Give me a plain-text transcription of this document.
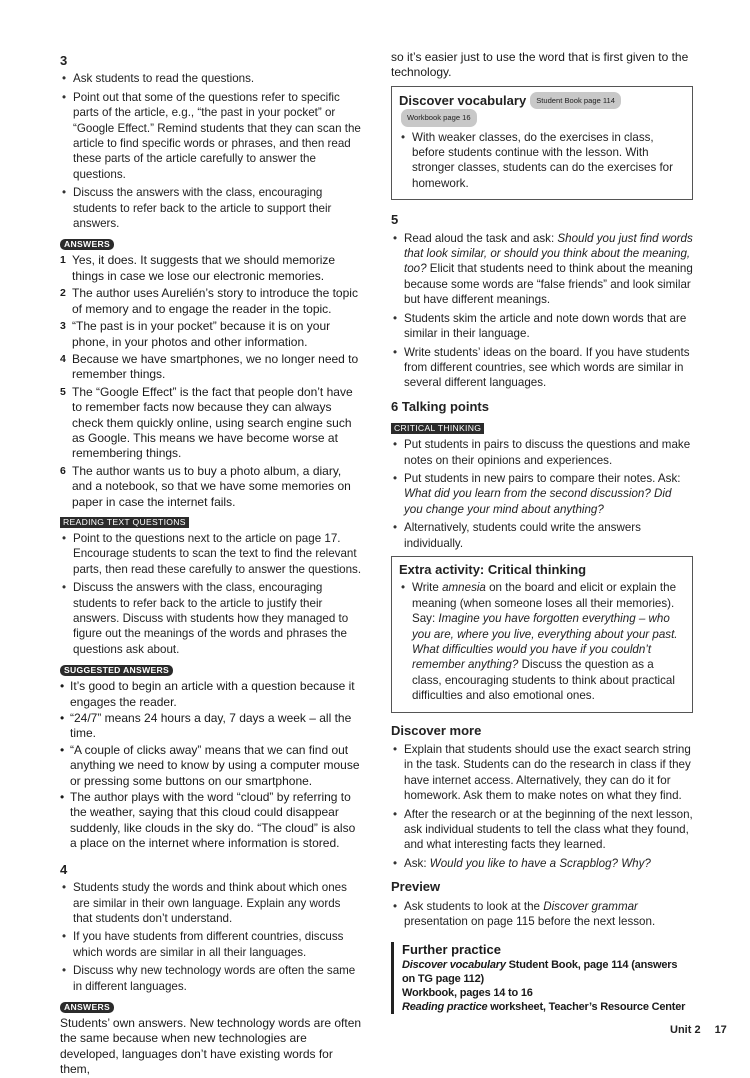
3
• Ask students to read the questions.
• Point out that some of the questions refer to specific parts of the article, e.g., “the past in your pocket” or “Google Effect.” Remind students that they can scan the article to find specific words or phrases, and then read these parts of the article carefully to answer the questions.
• Discuss the answers with the class, encouraging students to refer back to the article to support their answers.
ANSWERS
1 Yes, it does. It suggests that we should memorize things in case we lose our electronic memories.
2 The author uses Aurelién’s story to introduce the topic of memory and to engage the reader in the topic.
3 “The past is in your pocket” because it is on your phone, in your photos and other information.
4 Because we have smartphones, we no longer need to remember things.
5 The “Google Effect” is the fact that people don’t have to remember facts now because they can always check them quickly online, using search engine such as Google. This means we have become worse at remembering things.
6 The author wants us to buy a photo album, a diary, and a notebook, so that we have some memories on paper in case the internet fails.
READING TEXT QUESTIONS
• Point to the questions next to the article on page 17. Encourage students to scan the text to find the relevant parts, then read these carefully to answer the questions.
• Discuss the answers with the class, encouraging students to refer back to the article to justify their answers. Discuss with students how they managed to figure out the meanings of the words and phrases the questions ask about.
SUGGESTED ANSWERS
• It’s good to begin an article with a question because it engages the reader.
• “24/7” means 24 hours a day, 7 days a week – all the time.
• “A couple of clicks away” means that we can find out anything we need to know by using a computer mouse or pressing some buttons on our smartphone.
• The author plays with the word “cloud” by referring to the weather, saying that this cloud could disappear suddenly, like clouds in the sky do. “The cloud” is also a place on the internet where information is stored.
4
• Students study the words and think about which ones are similar in their own language. Explain any words that students don’t understand.
• If you have students from different countries, discuss which words are similar in all their languages.
• Discuss why new technology words are often the same in different languages.
ANSWERS
Students’ own answers. New technology words are often the same because when new technologies are developed, languages don’t have existing words for them,
so it’s easier just to use the word that is first given to the technology.
Discover vocabulary Student Book page 114Workbook page 16
• With weaker classes, do the exercises in class, before students continue with the lesson. With stronger classes, students can do the exercises for homework.
5
• Read aloud the task and ask: Should you just find words that look similar, or should you think about the meaning, too? Elicit that students need to think about the meaning because some words are “false friends” and look similar but have different meanings.
• Students skim the article and note down words that are similar in their language.
• Write students’ ideas on the board. If you have students from different countries, see which words are similar in several different languages.
6 Talking points
CRITICAL THINKING
• Put students in pairs to discuss the questions and make notes on their opinions and experiences.
• Put students in new pairs to compare their notes. Ask: What did you learn from the second discussion? Did you change your mind about anything?
• Alternatively, students could write the answers individually.
Extra activity: Critical thinking
• Write amnesia on the board and elicit or explain the meaning (when someone loses all their memories). Say: Imagine you have forgotten everything – who you are, where you live, everything about your past. What difficulties would you have if you couldn’t remember anything? Discuss the question as a class, encouraging students to think about practical difficulties and also emotional ones.
Discover more
• Explain that students should use the exact search string in the task. Students can do the research in class if they have internet access. Alternatively, they can do it for homework. Ask them to make notes on what they find.
• After the research or at the beginning of the next lesson, ask individual students to tell the class what they found, and what interesting facts they learned.
• Ask: Would you like to have a Scrapblog? Why?
Preview
• Ask students to look at the Discover grammar presentation on page 115 before the next lesson.
Further practice
Discover vocabulary Student Book, page 114 (answers on TG page 112)
Workbook, pages 14 to 16
Reading practice worksheet, Teacher’s Resource Center
Unit 2 17
